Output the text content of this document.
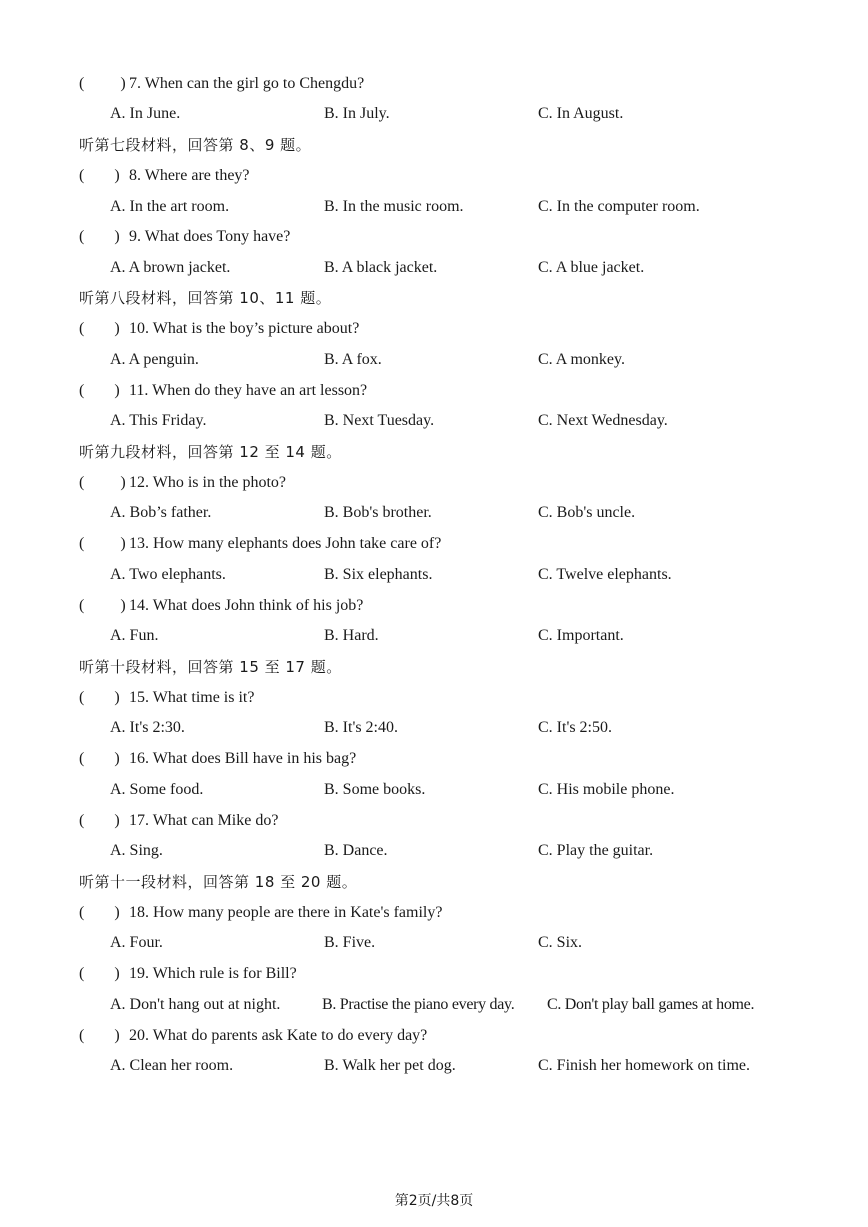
( ) 7. When can the girl go to Chengdu?
A. In June.	B. In July.	C. In August.
听第七段材料，回答第 8、9 题。
( ) 8. Where are they?
A. In the art room.	B. In the music room.	C. In the computer room.
( ) 9. What does Tony have?
A. A brown jacket.	B. A black jacket.	C. A blue jacket.
听第八段材料，回答第 10、11 题。
( ) 10. What is the boy’s picture about?
A. A penguin.	B. A fox.	C. A monkey.
( ) 11. When do they have an art lesson?
A. This Friday.	B. Next Tuesday.	C. Next Wednesday.
听第九段材料，回答第 12 至 14 题。
( ) 12. Who is in the photo?
A. Bob’s father.	B. Bob's brother.	C. Bob's uncle.
( ) 13. How many elephants does John take care of?
A. Two elephants.	B. Six elephants.	C. Twelve elephants.
( ) 14. What does John think of his job?
A. Fun.	B. Hard.	C. Important.
听第十段材料，回答第 15 至 17 题。
( ) 15. What time is it?
A. It's 2:30.	B. It's 2:40.	C. It's 2:50.
( ) 16. What does Bill have in his bag?
A. Some food.	B. Some books.	C. His mobile phone.
( ) 17. What can Mike do?
A. Sing.	B. Dance.	C. Play the guitar.
听第十一段材料，回答第 18 至 20 题。
( ) 18. How many people are there in Kate's family?
A. Four.	B. Five.	C. Six.
( ) 19. Which rule is for Bill?
A. Don't hang out at night.	B. Practise the piano every day. C. Don't play ball games at home.
( ) 20. What do parents ask Kate to do every day?
A. Clean her room.	B. Walk her pet dog.	C. Finish her homework on time.
第2页/共8页
